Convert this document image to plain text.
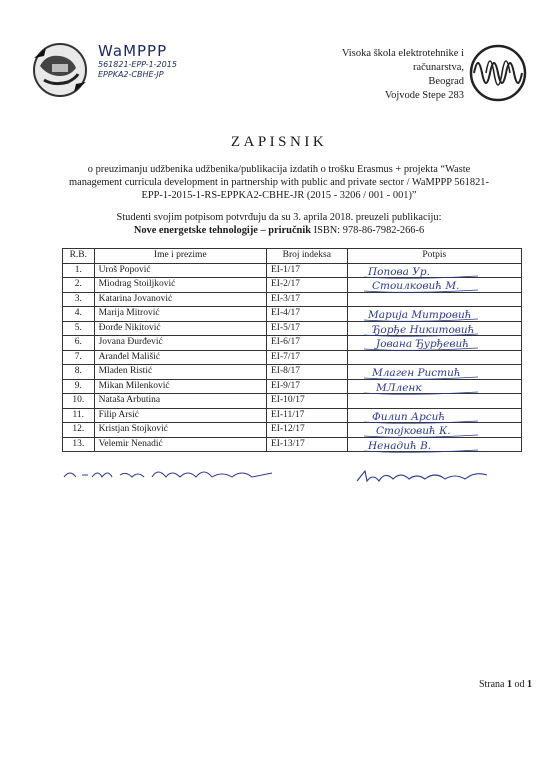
WaMPPP
561821-EPP-1-2015
EPPKA2-CBHE-JP
Visoka škola elektrotehnike i
računarstva,
Beograd
Vojvode Stepe 283
ZAPISNIK
o preuzimanju udžbenika udžbenika/publikacija izdatih o trošku Erasmus + projekta “Waste management curricula development in partnership with public and private sector / WaMPPP 561821-EPP-1-2015-1-RS-EPPKA2-CBHE-JR (2015 - 3206 / 001 - 001)”
Studenti svojim potpisom potvrđuju da su 3. aprila 2018. preuzeli publikaciju:
Nove energetske tehnologije – priručnik ISBN: 978-86-7982-266-6
R.B.	Ime i prezime	Broj indeksa	Potpis
1.	Uroš Popović	EI-1/17	Попова Ур.

2.	Miodrag Stoiljković	EI-2/17	Стоилковић М.

3.	Katarina Jovanović	EI-3/17	
4.	Marija Mitrović	EI-4/17	Марија Митровић

5.	Đorđe Nikitović	EI-5/17	Ђорђе Никитовић

6.	Jovana Đurđević	EI-6/17	Јована Ђурђевић

7.	Aranđel Mališić	EI-7/17	
8.	Mladen Ristić	EI-8/17	Млаген Ристић

9.	Mikan Milenković	EI-9/17	МЛленк

10.	Nataša Arbutina	EI-10/17	
11.	Filip Arsić	EI-11/17	Филип Арсић

12.	Kristjan Stojković	EI-12/17	Стојковић К.

13.	Velemir Nenadić	EI-13/17	Ненадић В.
Strana 1 od 1
